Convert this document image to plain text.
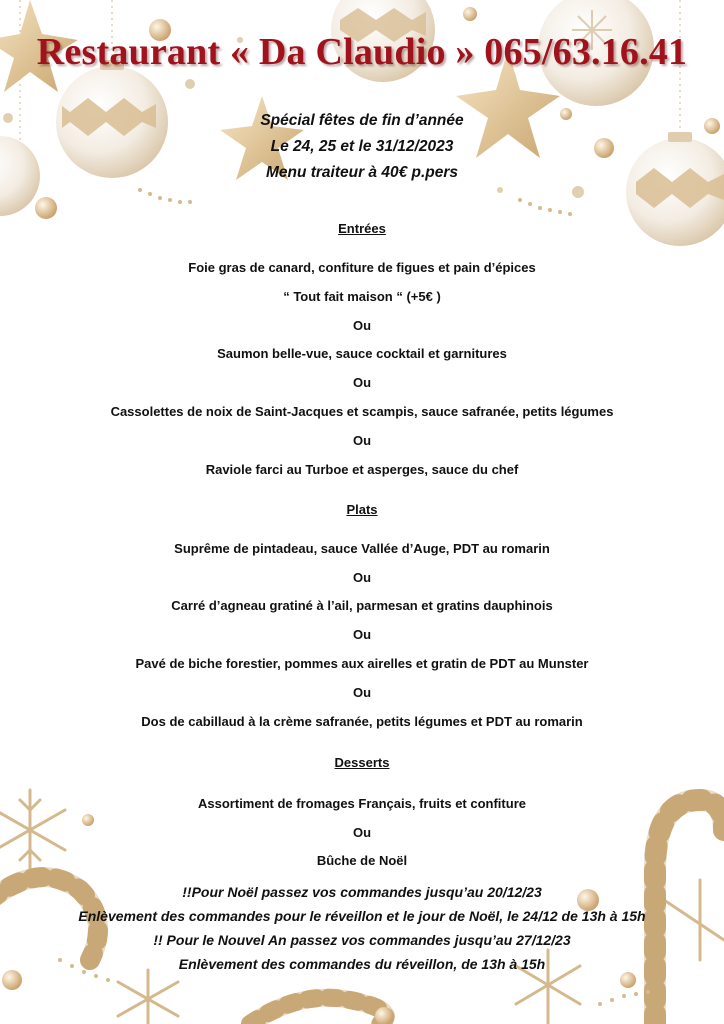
Restaurant « Da Claudio » 065/63.16.41
Spécial fêtes de fin d’année
Le 24, 25 et le 31/12/2023
Menu traiteur à 40€ p.pers
Entrées
Foie gras de canard, confiture de figues et pain d’épices
“ Tout fait maison “ (+5€ )
Ou
Saumon belle-vue, sauce cocktail et garnitures
Ou
Cassolettes de noix de Saint-Jacques et scampis, sauce safranée, petits légumes
Ou
Raviole farci au Turboe et asperges, sauce du chef
Plats
Suprême de pintadeau, sauce Vallée d’Auge, PDT au romarin
Ou
Carré d’agneau gratiné à l’ail, parmesan et gratins dauphinois
Ou
Pavé de biche forestier, pommes aux airelles et gratin de PDT au Munster
Ou
Dos de cabillaud à la crème safranée, petits légumes et PDT au romarin
Desserts
Assortiment de fromages Français, fruits et confiture
Ou
Bûche de Noël
!!Pour Noël passez vos commandes jusqu’au 20/12/23
Enlèvement des commandes pour le réveillon et le jour de Noël, le 24/12 de 13h à 15h
!! Pour le Nouvel An passez vos commandes jusqu’au 27/12/23
Enlèvement des commandes du réveillon, de 13h à 15h
